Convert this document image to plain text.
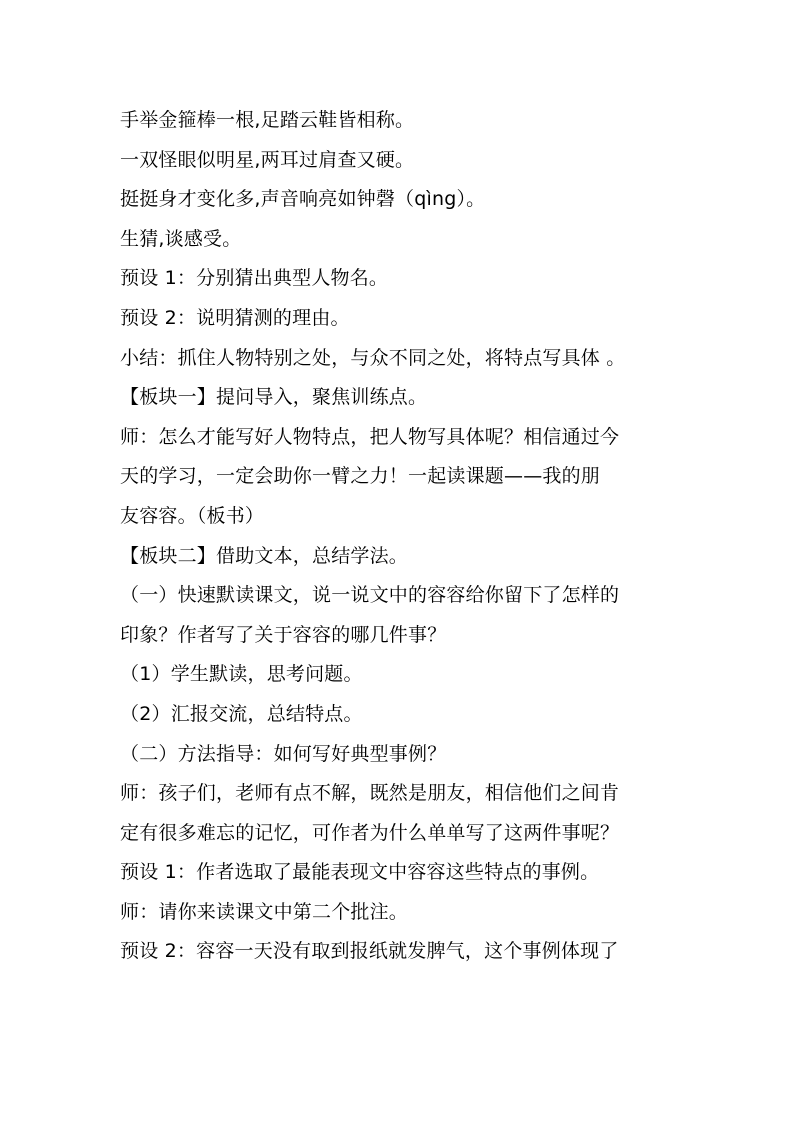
手举金箍棒一根,足踏云鞋皆相称。
一双怪眼似明星,两耳过肩查又硬。
挺挺身才变化多,声音响亮如钟磬（qìng）。
生猜,谈感受。
预设 1：分别猜出典型人物名。
预设 2：说明猜测的理由。
小结：抓住人物特别之处，与众不同之处，将特点写具体 。
【板块一】提问导入，聚焦训练点。
师：怎么才能写好人物特点，把人物写具体呢？相信通过今
天的学习，一定会助你一臂之力！一起读课题——我的朋
友容容。（板书）
【板块二】借助文本，总结学法。
（一）快速默读课文，说一说文中的容容给你留下了怎样的
印象？作者写了关于容容的哪几件事？
（1）学生默读，思考问题。
（2）汇报交流，总结特点。
（二）方法指导：如何写好典型事例？
师：孩子们，老师有点不解，既然是朋友，相信他们之间肯
定有很多难忘的记忆，可作者为什么单单写了这两件事呢？
预设 1：作者选取了最能表现文中容容这些特点的事例。
师：请你来读课文中第二个批注。
预设 2：容容一天没有取到报纸就发脾气，这个事例体现了
